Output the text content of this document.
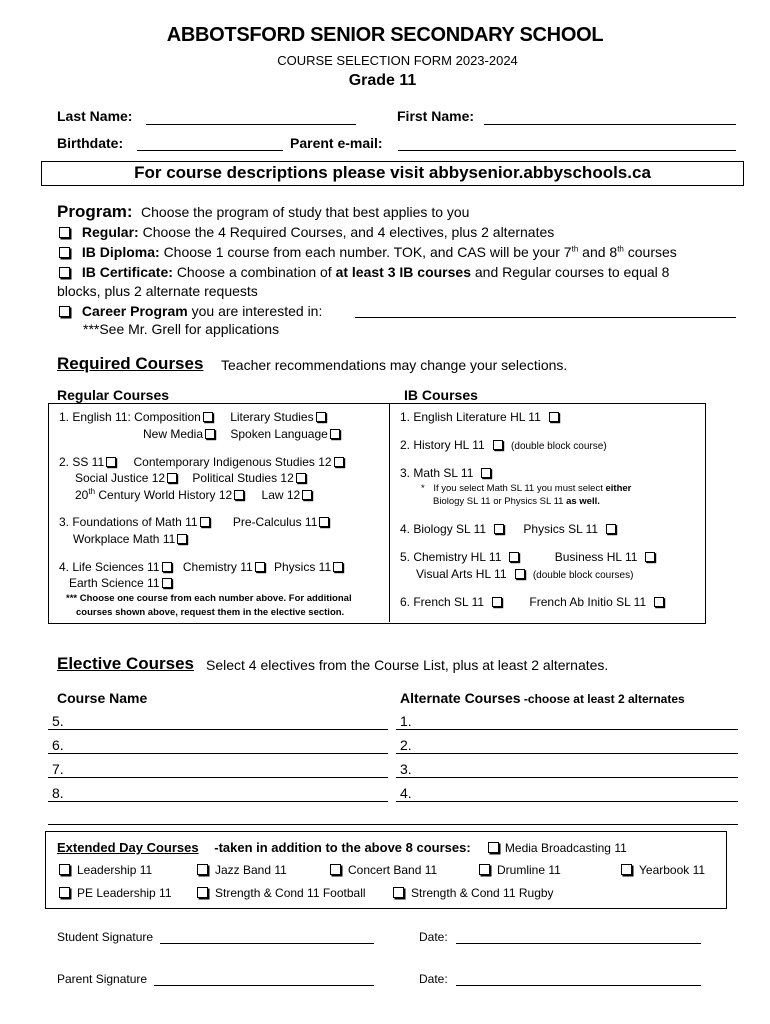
ABBOTSFORD SENIOR SECONDARY SCHOOL
COURSE SELECTION FORM 2023-2024
Grade 11
Last Name:	First Name:
Birthdate:	Parent e-mail:
For course descriptions please visit abbysenior.abbyschools.ca
Program: Choose the program of study that best applies to you
Regular: Choose the 4 Required Courses, and 4 electives, plus 2 alternates
IB Diploma: Choose 1 course from each number. TOK, and CAS will be your 7th and 8th courses
IB Certificate: Choose a combination of at least 3 IB courses and Regular courses to equal 8
blocks, plus 2 alternate requests
Career Program you are interested in:
***See Mr. Grell for applications
Required Courses Teacher recommendations may change your selections.
Regular Courses	IB Courses
1. English 11: Composition Literary Studies
New Media Spoken Language
2. SS 11 Contemporary Indigenous Studies 12
Social Justice 12 Political Studies 12
20th Century World History 12 Law 12
3. Foundations of Math 11	Pre-Calculus 11
Workplace Math 11
4. Life Sciences 11 Chemistry 11 Physics 11
Earth Science 11
*** Choose one course from each number above. For additional
courses shown above, request them in the elective section.
1. English Literature HL 11
2. History HL 11	(double block course)
3. Math SL 11
* If you select Math SL 11 you must select either
Biology SL 11 or Physics SL 11 as well.
4. Biology SL 11	Physics SL 11
5. Chemistry HL 11	Business HL 11
Visual Arts HL 11	(double block courses)
6. French SL 11	French Ab Initio SL 11
Elective Courses Select 4 electives from the Course List, plus at least 2 alternates.
Course Name	Alternate Courses -choose at least 2 alternates
5.	1.
6.	2.
7.	3.
8.	4.
Extended Day Courses -taken in addition to the above 8 courses:	Media Broadcasting 11
Leadership 11	Jazz Band 11	Concert Band 11	Drumline 11	Yearbook 11
PE Leadership 11	Strength & Cond 11 Football	Strength & Cond 11 Rugby
Student Signature	Date:
Parent Signature	Date:
